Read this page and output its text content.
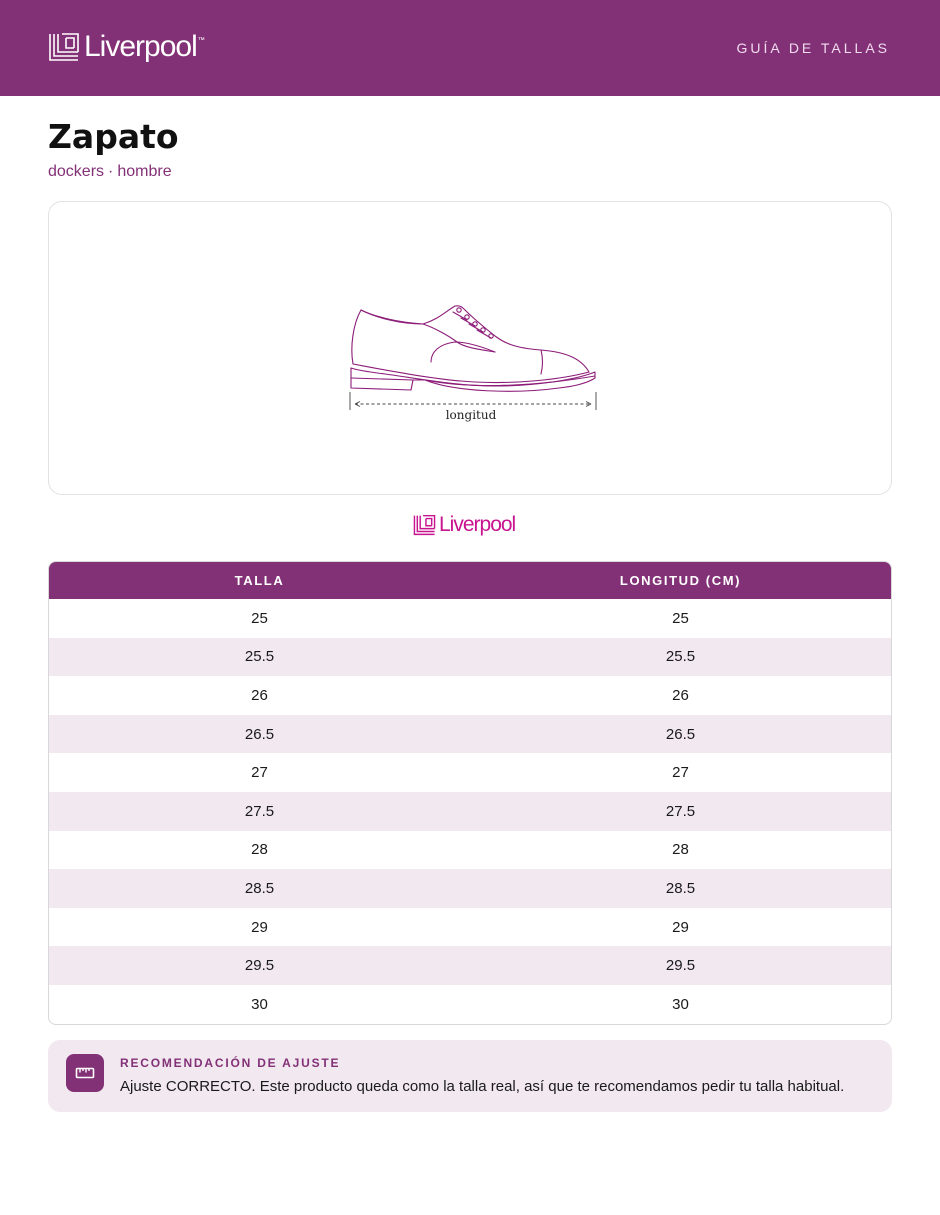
Liverpool ™	GUÍA DE TALLAS
Zapato
dockers · hombre
longitud
Liverpool
TALLA	LONGITUD (CM)
25	25
25.5	25.5
26	26
26.5	26.5
27	27
27.5	27.5
28	28
28.5	28.5
29	29
29.5	29.5
30	30
RECOMENDACIÓN DE AJUSTE
Ajuste CORRECTO. Este producto queda como la talla real, así que te recomendamos pedir tu talla habitual.
